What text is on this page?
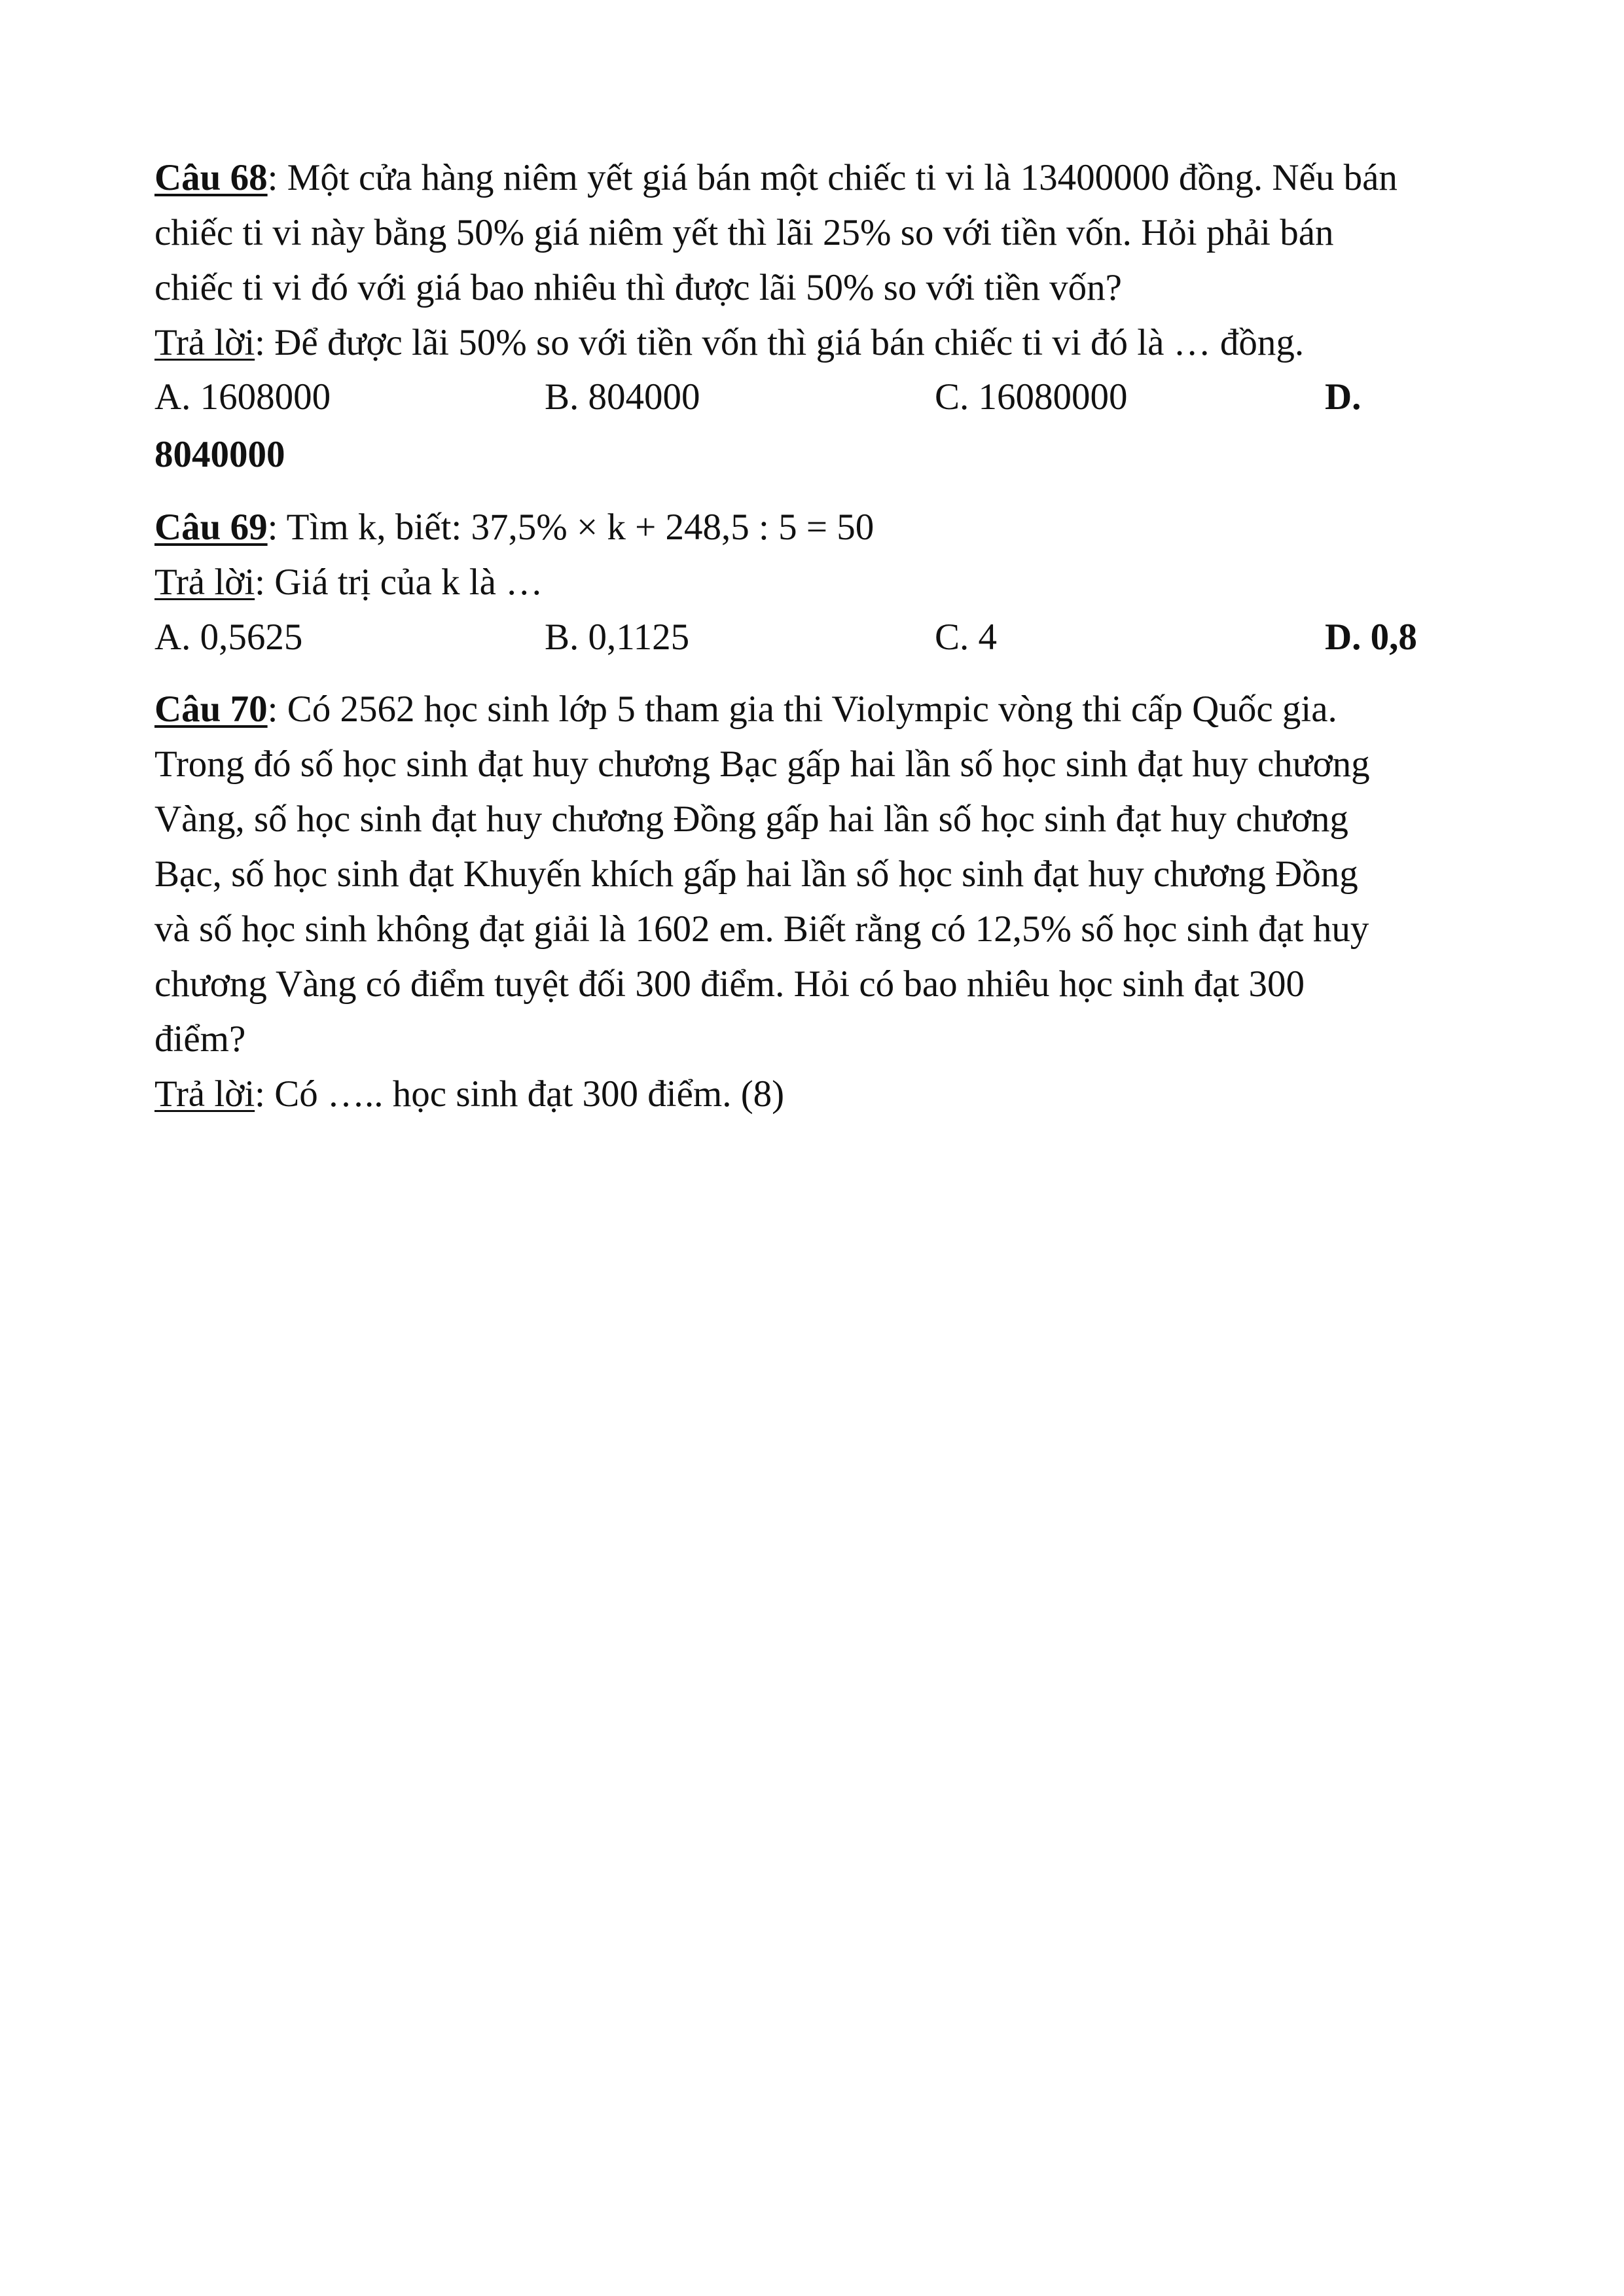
Câu 68: Một cửa hàng niêm yết giá bán một chiếc ti vi là 13400000 đồng. Nếu bán
chiếc ti vi này bằng 50% giá niêm yết thì lãi 25% so với tiền vốn. Hỏi phải bán
chiếc ti vi đó với giá bao nhiêu thì được lãi 50% so với tiền vốn?
Trả lời: Để được lãi 50% so với tiền vốn thì giá bán chiếc ti vi đó là … đồng.
A. 1608000	B. 804000	C. 16080000	D.
8040000
Câu 69: Tìm k, biết: 37,5% × k + 248,5 : 5 = 50
Trả lời: Giá trị của k là …
A. 0,5625	B. 0,1125	C. 4	D. 0,8
Câu 70: Có 2562 học sinh lớp 5 tham gia thi Violympic vòng thi cấp Quốc gia.
Trong đó số học sinh đạt huy chương Bạc gấp hai lần số học sinh đạt huy chương
Vàng, số học sinh đạt huy chương Đồng gấp hai lần số học sinh đạt huy chương
Bạc, số học sinh đạt Khuyến khích gấp hai lần số học sinh đạt huy chương Đồng
và số học sinh không đạt giải là 1602 em. Biết rằng có 12,5% số học sinh đạt huy
chương Vàng có điểm tuyệt đối 300 điểm. Hỏi có bao nhiêu học sinh đạt 300
điểm?
Trả lời: Có ….. học sinh đạt 300 điểm. (8)
